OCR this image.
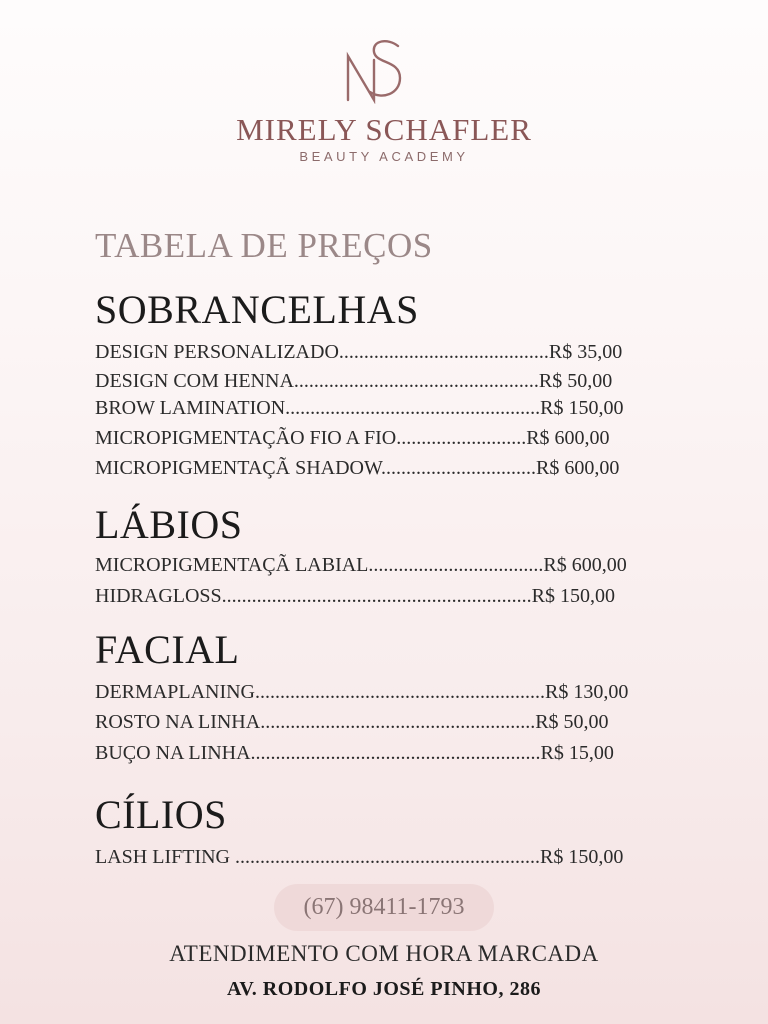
MIRELY SCHAFLER
BEAUTY ACADEMY
TABELA DE PREÇOS
SOBRANCELHAS
DESIGN PERSONALIZADO..........................................R$ 35,00
DESIGN COM HENNA.................................................R$ 50,00
BROW LAMINATION...................................................R$ 150,00
MICROPIGMENTAÇÃO FIO A FIO..........................R$ 600,00
MICROPIGMENTAÇÃ SHADOW...............................R$ 600,00
LÁBIOS
MICROPIGMENTAÇÃ LABIAL...................................R$ 600,00
HIDRAGLOSS..............................................................R$ 150,00
FACIAL
DERMAPLANING..........................................................R$ 130,00
ROSTO NA LINHA.......................................................R$ 50,00
BUÇO NA LINHA..........................................................R$ 15,00
CÍLIOS
LASH LIFTING .............................................................R$ 150,00
(67) 98411-1793
ATENDIMENTO COM HORA MARCADA
AV. RODOLFO JOSÉ PINHO, 286
